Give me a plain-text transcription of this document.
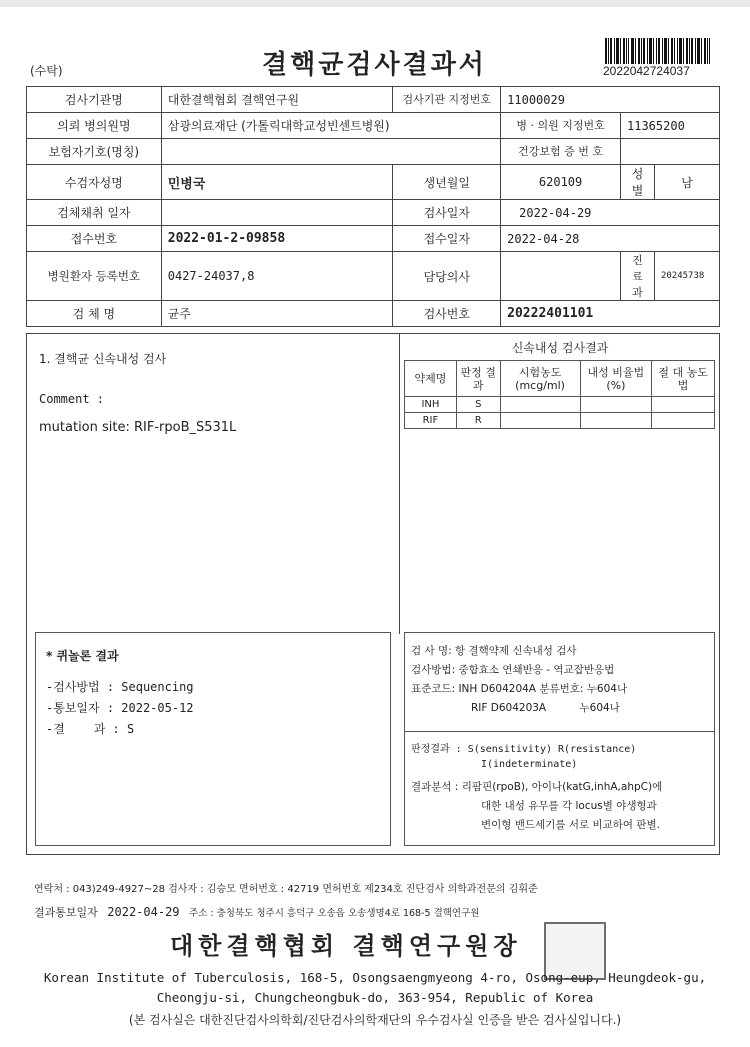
(수탁)	결핵균검사결과서	2022042724037
검사기관명	대한결핵협회 결핵연구원	검사기관 지정번호	11000029		
의뢰 병의원명	삼광의료재단 (가톨릭대학교성빈센트병원)		병 · 의원 지정번호	11365200	
보험자기호(명칭)			건강보험 증 번 호		
수검자성명	민병국	생년월일	620109	성별	남
검체채취 일자		검사일자	2022-04-29		
접수번호	2022-01-2-09858	접수일자	2022-04-28		
병원환자 등록번호	0427-24037,8	담당의사		진료과	20245738
검 체 명	균주	검사번호	20222401101		
1. 결핵균 신속내성 검사
Comment :
mutation site: RIF-rpoB_S531L
신속내성 검사결과
약제명	판정 결과	시험농도 (mcg/ml)	내성 비율법(%)	절 대 농도법
INH	S			
RIF	R			
* 퀴놀론 결과
-검사방법 : Sequencing
-통보일자 : 2022-05-12
-결    과 : S
검 사 명: 항 결핵약제 신속내성 검사
검사방법: 중합효소 연쇄반응 - 역교잡반응법
표준코드: INH D604204A 분류번호: 누604나
RIF D604203A          누604나
판정결과 : S(sensitivity) R(resistance)
I(indeterminate)
결과분석 : 리팜핀(rpoB), 아이나(katG,inhA,ahpC)에
대한 내성 유무를 각 locus별 야생형과
변이형 밴드세기를 서로 비교하여 판별.
연락처 : 043)249-4927~28 검사자 : 김승모 면허번호 : 42719 면허번호 제234호 진단검사 의학과전문의 김휘준
결과통보일자 2022-04-29 주소 : 충청북도 청주시 흥덕구 오송읍 오송생명4로 168-5 결핵연구원
대한결핵협회 결핵연구원장
Korean Institute of Tuberculosis, 168-5, Osongsaengmyeong 4-ro, Osong-eup, Heungdeok-gu,
Cheongju-si, Chungcheongbuk-do, 363-954, Republic of Korea
(본 검사실은 대한진단검사의학회/진단검사의학재단의 우수검사실 인증을 받은 검사실입니다.)
